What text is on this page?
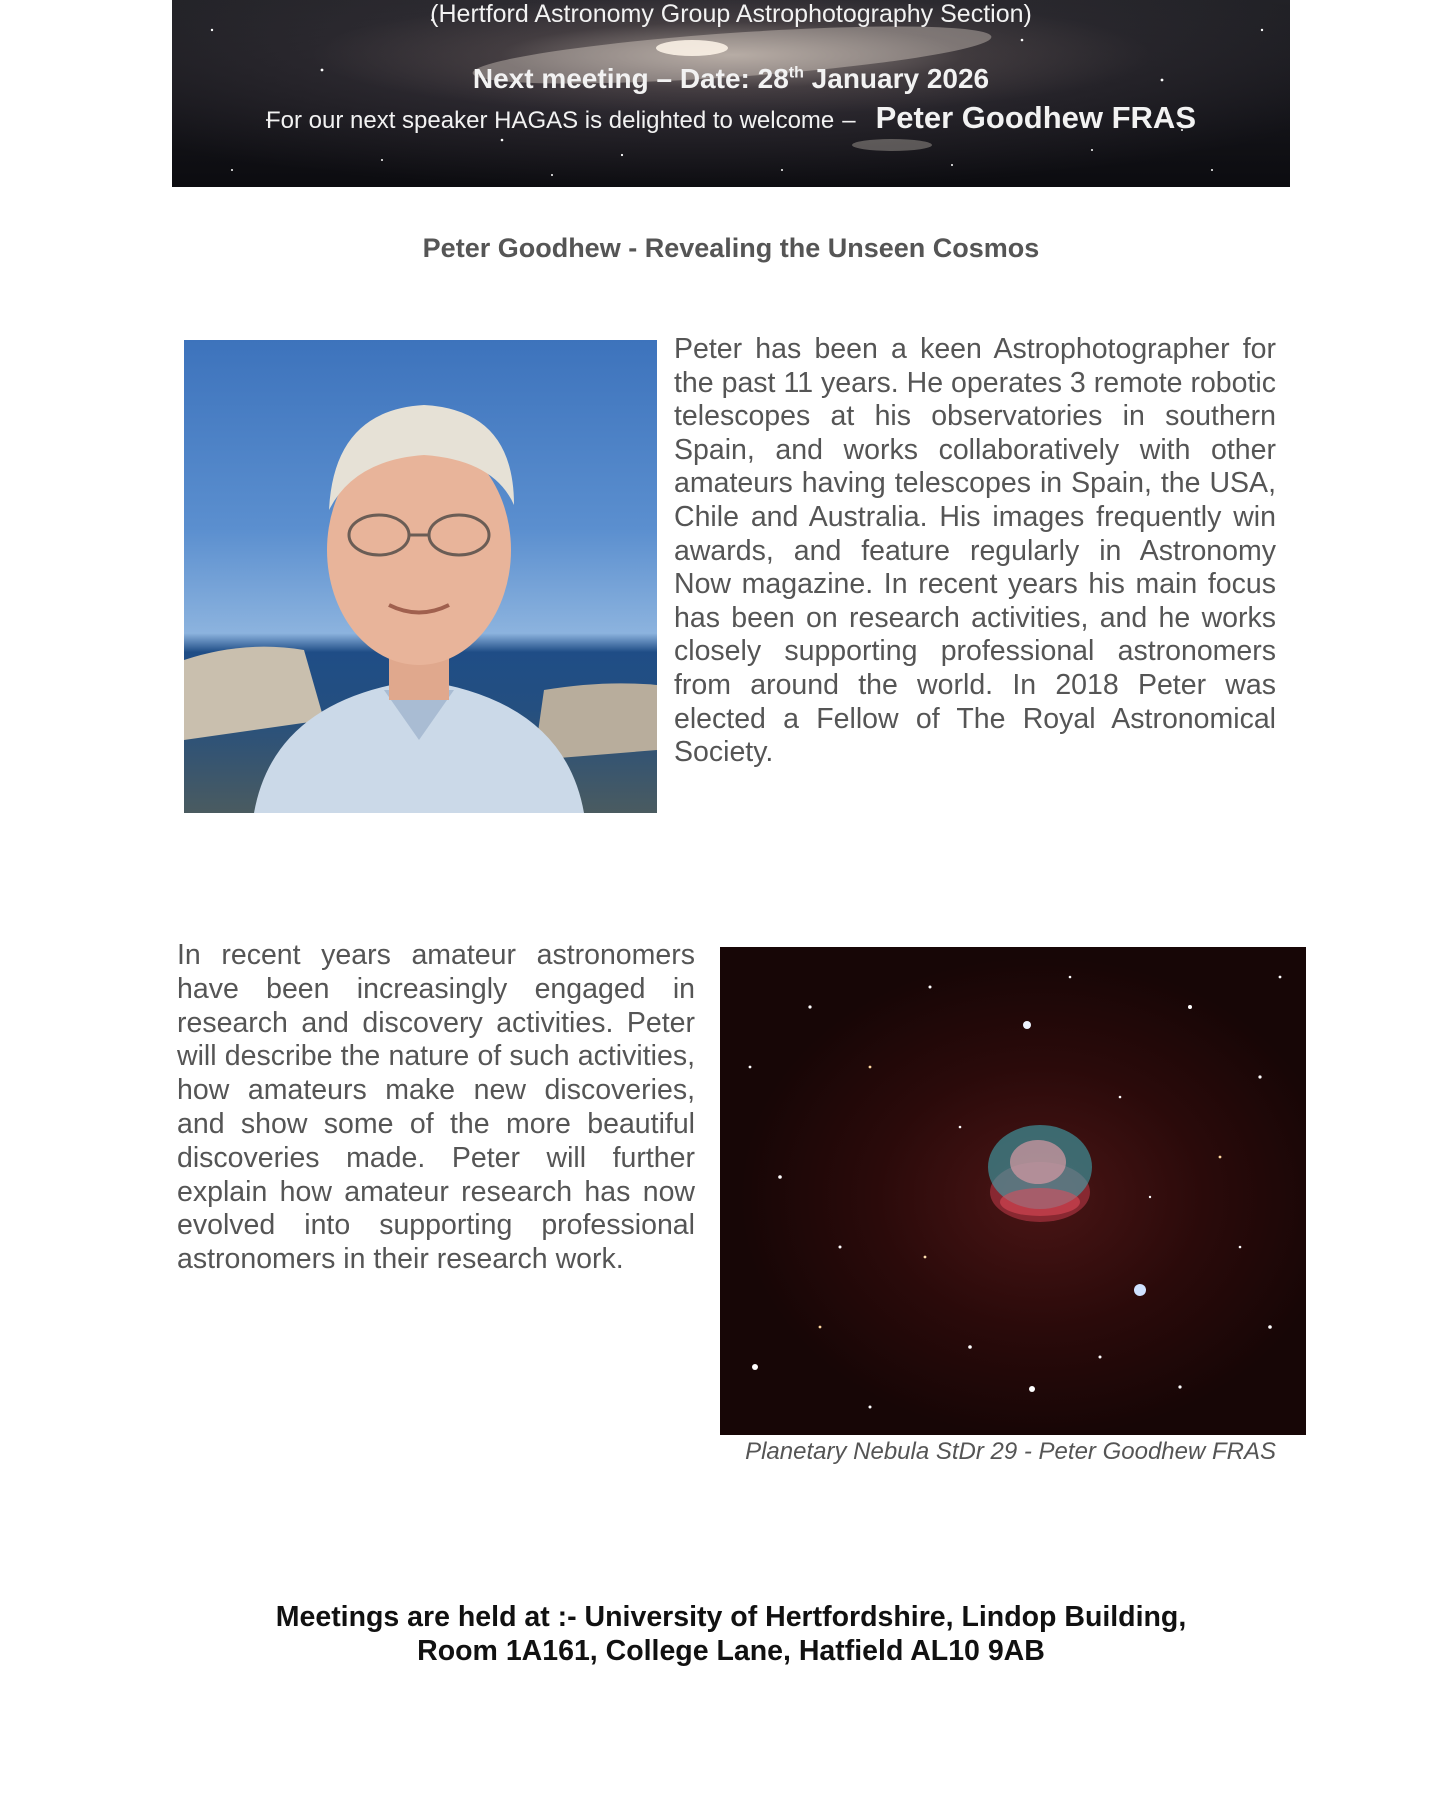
(Hertford Astronomy Group Astrophotography Section)
Next meeting – Date: 28th January 2026
For our next speaker HAGAS is delighted to welcome – Peter Goodhew FRAS
Peter Goodhew - Revealing the Unseen Cosmos

Peter has been a keen Astrophotographer for the past 11 years. He operates 3 remote robotic telescopes at his observatories in southern Spain, and works collaboratively with other amateurs having telescopes in Spain, the USA, Chile and Australia. His images frequently win awards, and feature regularly in Astronomy Now magazine. In recent years his main focus has been on research activities, and he works closely supporting professional astronomers from around the world. In 2018 Peter was elected a Fellow of The Royal Astronomical Society.

In recent years amateur astronomers have been increasingly engaged in research and discovery activities. Peter will describe the nature of such activities, how amateurs make new discoveries, and show some of the more beautiful discoveries made. Peter will further explain how amateur research has now evolved into supporting professional astronomers in their research work.

Planetary Nebula StDr 29 - Peter Goodhew FRAS
Meetings are held at :- University of Hertfordshire, Lindop Building,
Room 1A161, College Lane, Hatfield AL10 9AB
